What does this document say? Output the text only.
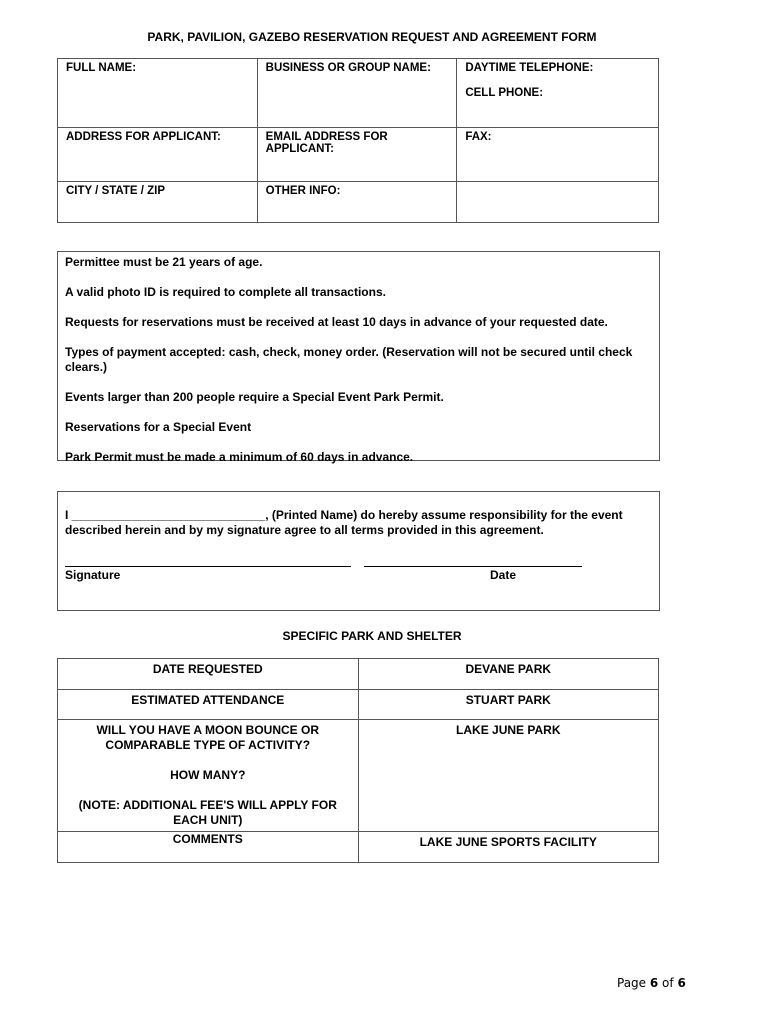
PARK, PAVILION, GAZEBO RESERVATION REQUEST AND AGREEMENT FORM
FULL NAME:	BUSINESS OR GROUP NAME:	DAYTIME TELEPHONE:
CELL PHONE:

ADDRESS FOR APPLICANT:	EMAIL ADDRESS FOR APPLICANT:	FAX:
CITY / STATE / ZIP	OTHER INFO:	

Permittee must be 21 years of age.

A valid photo ID is required to complete all transactions.

Requests for reservations must be received at least 10 days in advance of your requested date.

Types of payment accepted: cash, check, money order. (Reservation will not be secured until check clears.)

Events larger than 200 people require a Special Event Park Permit.

Reservations for a Special Event

Park Permit must be made a minimum of 60 days in advance.

I _____________________________, (Printed Name) do hereby assume responsibility for the event described herein and by my signature agree to all terms provided in this agreement.

Signature	Date
SPECIFIC PARK AND SHELTER
DATE REQUESTED	DEVANE PARK
ESTIMATED ATTENDANCE	STUART PARK

WILL YOU HAVE A MOON BOUNCE OR COMPARABLE TYPE OF ACTIVITY?
HOW MANY?
(NOTE: ADDITIONAL FEE'S WILL APPLY FOR EACH UNIT)	LAKE JUNE PARK
COMMENTS	LAKE JUNE SPORTS FACILITY
Page 6 of 6
